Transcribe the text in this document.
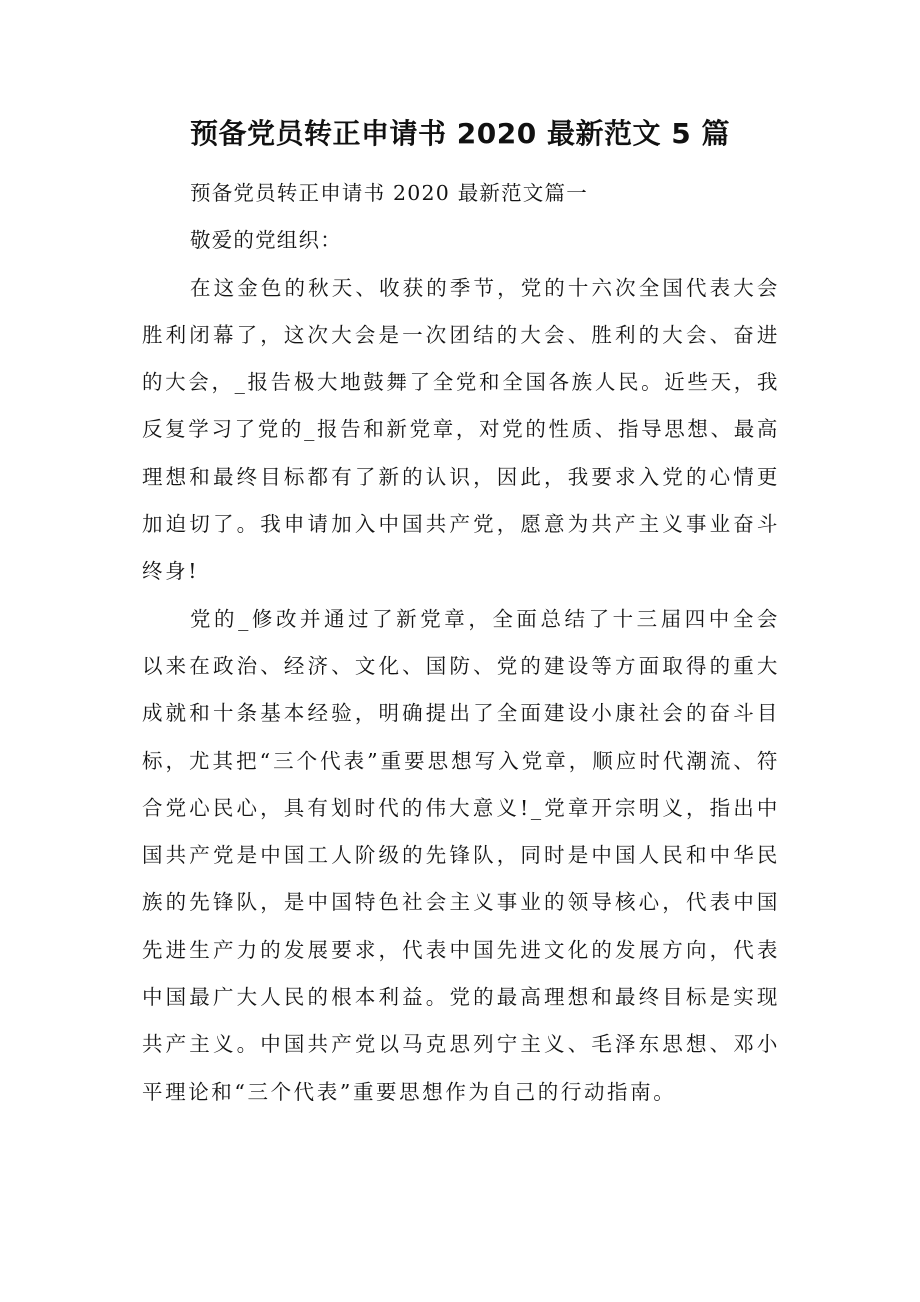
预备党员转正申请书 2020 最新范文 5 篇

预备党员转正申请书 2020 最新范文篇一

敬爱的党组织：

在这金色的秋天、收获的季节，党的十六次全国代表大会胜利闭幕了，这次大会是一次团结的大会、胜利的大会、奋进的大会，_报告极大地鼓舞了全党和全国各族人民。近些天，我反复学习了党的_报告和新党章，对党的性质、指导思想、最高理想和最终目标都有了新的认识，因此，我要求入党的心情更加迫切了。我申请加入中国共产党，愿意为共产主义事业奋斗终身!

党的_修改并通过了新党章，全面总结了十三届四中全会以来在政治、经济、文化、国防、党的建设等方面取得的重大成就和十条基本经验，明确提出了全面建设小康社会的奋斗目标，尤其把“三个代表”重要思想写入党章，顺应时代潮流、符合党心民心，具有划时代的伟大意义!_党章开宗明义，指出中国共产党是中国工人阶级的先锋队，同时是中国人民和中华民族的先锋队，是中国特色社会主义事业的领导核心，代表中国先进生产力的发展要求，代表中国先进文化的发展方向，代表中国最广大人民的根本利益。党的最高理想和最终目标是实现共产主义。中国共产党以马克思列宁主义、毛泽东思想、邓小平理论和“三个代表”重要思想作为自己的行动指南。
